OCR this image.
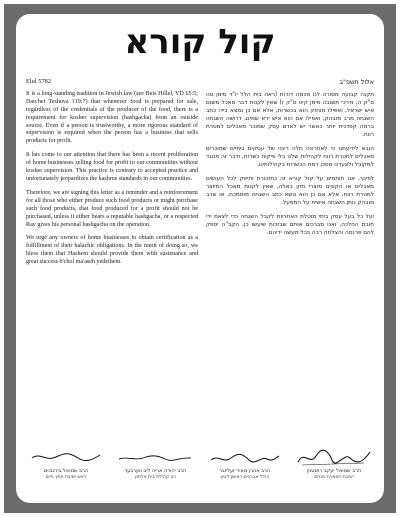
קול קורא
Elul 5782

It is a long-standing tradition in Jewish law (see Beis Hillel, YD 65:5; Darchei Teshuva 119:7) that whenever food is prepared for sale, regardless of the credentials of the producer of the food, there is a requirement for kosher supervision (hashgacha) from an outside source. Even if a person is trustworthy, a more rigorous standard of supervision is required when the person has a business that sells products for profit.

It has come to our attention that there has been a recent proliferation of home businesses selling food for profit to our communities without kosher supervision. This practice is contrary to accepted practice and unfortunately jeopardizes the kashrus standards in our communities.

Therefore, we are signing this letter as a reminder and a reinforcement for all those who either produce such food products or might purchase such food products, that food produced for a profit should not be purchased, unless it either bears a reputable hashgacha, or a respected Rav gives his personal hashgacha on the operation.

We urge any owners of home businesses to obtain certification as a fulfillment of their halachic obligations. In the merit of doing so, we bless them that Hashem should provide them with sustenance and great success b'chol ma'aseh yedeihem.

אלול תשפ"ב

תקנה קבועה מסורה לנו מכמה דורות (ראה בית הלל יו"ד סימן סה ס"ק ה; ודרכי תשובה סימן קיט ס"ק ז) שאין לקנות דבר מאכל משום איש ישראל, ואפילו מוחזק הוא בכשרות, אלא אם כן נמצא בידו כתב השגחה מרב מובהק, ואפילו אם הוא איש ירא שמים, דרושה השגחה ברמה קפדנית יותר כאשר יש לאדם עסק שמוכר מאכלים למטרת רווח.

הובא לידיעתנו כי לאחרונה חלה ריבוי של עסקים ביתיים שמוכרים מאכלים למטרת רווח לקהילות שלנו בלי פיקוח כשרות, ודבר זה מנוגד למקובל ולצערנו מסכן רמת הכשרות בקהילותינו.

לפיכך, אנו חותמים על קול קורא זה כתזכורת וחיזוק לכל העושים מאכלים או הקונים מוצרי מזון כאלה, שאין לקנות מאכל המיוצר למטרת רווח, אלא אם כן הוא נושא כתב השגחה מוסמכת, או שרב מובהק נותן השגחה אישית על המפעל.

ועל כל בעל עסק ביתי מוטלת האחריות לקבל השגחה כדי לצאת ידי חובת ההלכה, ואנו מברכים אותם שבזכות שיעשו כן, הקב"ה יספק להם פרנסה והצלחה רבה בכל מעשה ידיהם.

הרב שמואל יעקב רושטנין
ישיבת תפארת מנחם
הרב אהרן מאיר זעלינגר
כולל אברכים ראשון לציון
הרב יהודה אריה ליב ווערבער
רב קהילת בית אלחנן
הרב שמואל בירנבוים
ראש ישיבת חפץ חיים
